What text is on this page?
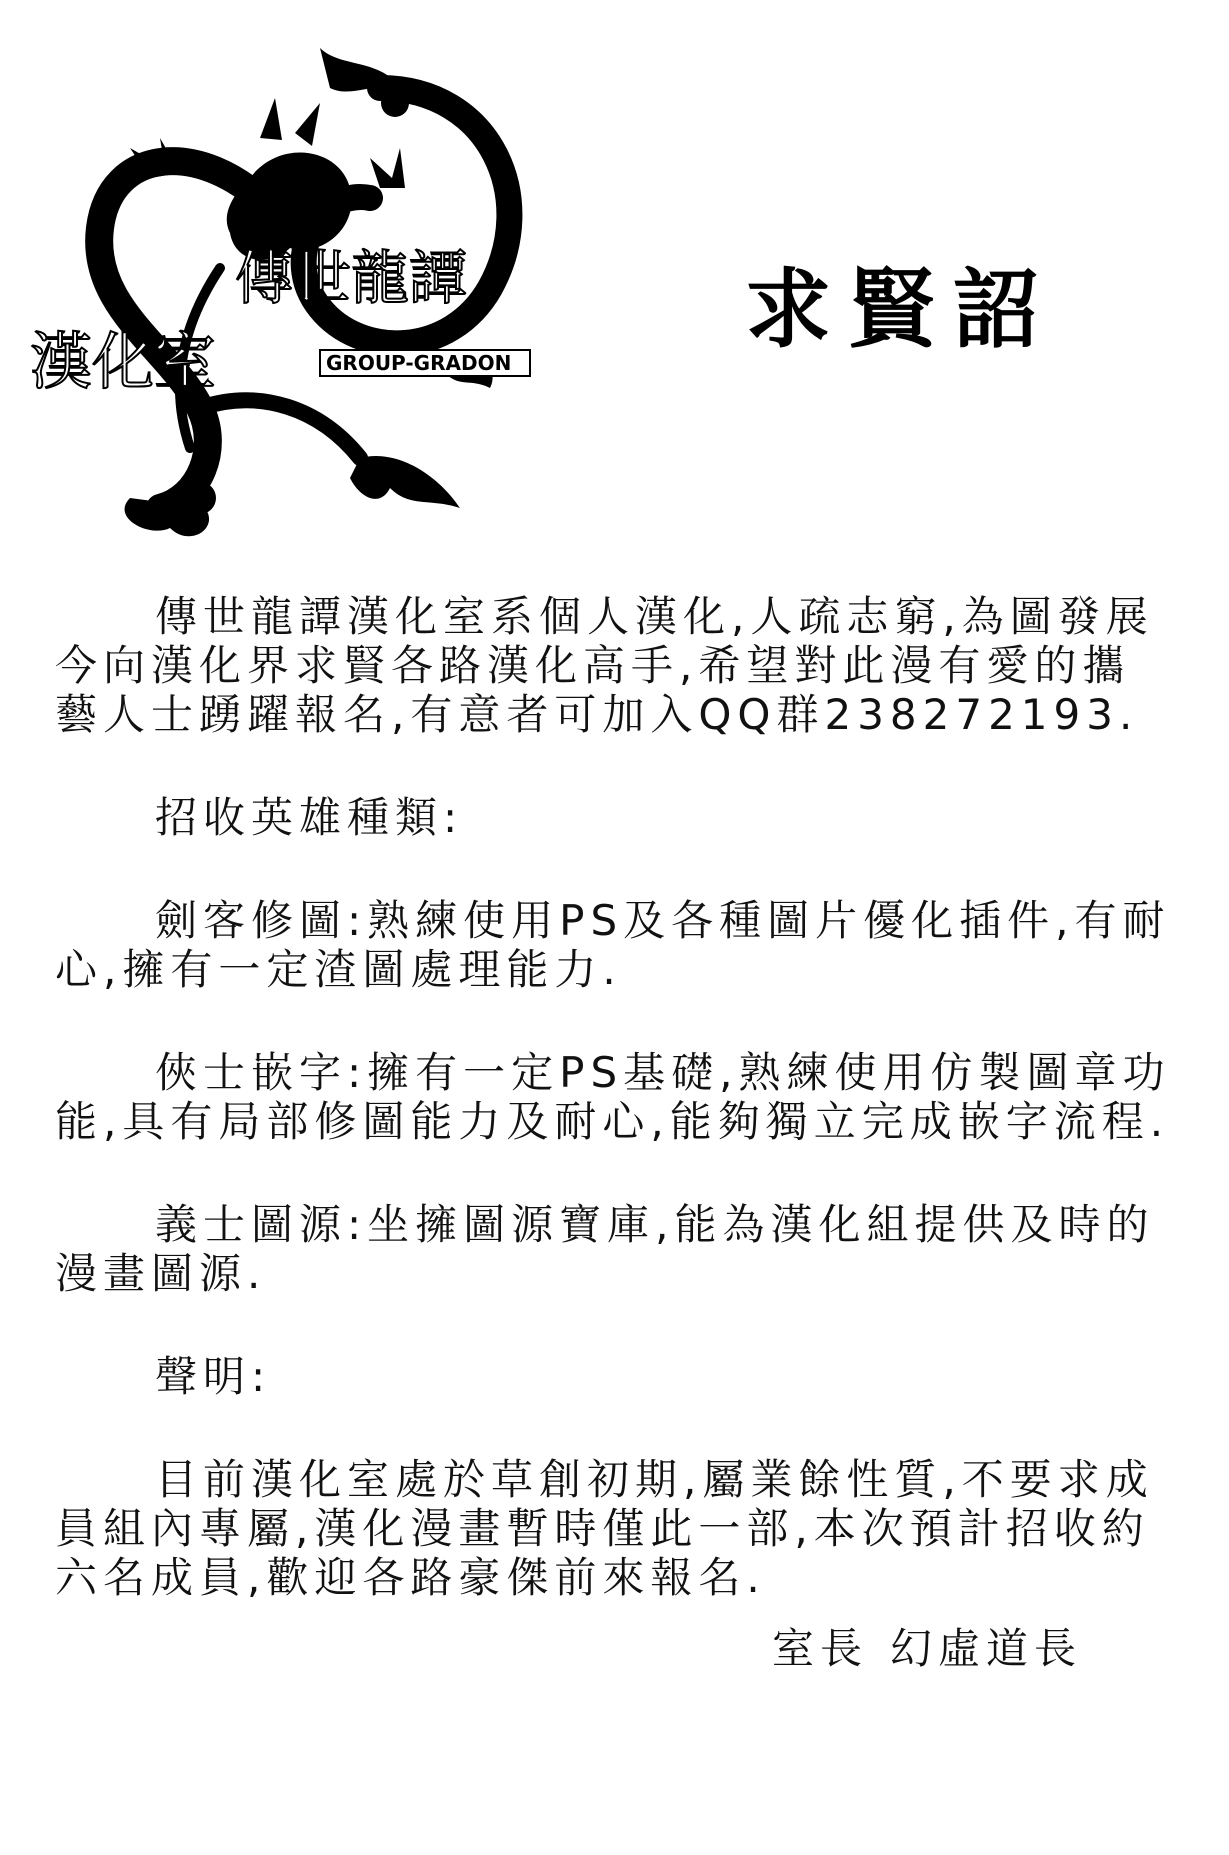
傳世龍譚
漢化室	GROUP-GRADON
求賢詔

傳世龍譚漢化室系個人漢化,人疏志窮,為圖發展今向漢化界求賢各路漢化高手,希望對此漫有愛的攜藝人士踴躍報名,有意者可加入QQ群238272193.

招收英雄種類:

劍客修圖:熟練使用PS及各種圖片優化插件,有耐心,擁有一定渣圖處理能力.

俠士嵌字:擁有一定PS基礎,熟練使用仿製圖章功能,具有局部修圖能力及耐心,能夠獨立完成嵌字流程.

義士圖源:坐擁圖源寶庫,能為漢化組提供及時的漫畫圖源.

聲明:

目前漢化室處於草創初期,屬業餘性質,不要求成員組內專屬,漢化漫畫暫時僅此一部,本次預計招收約六名成員,歡迎各路豪傑前來報名.

室長 幻虛道長
